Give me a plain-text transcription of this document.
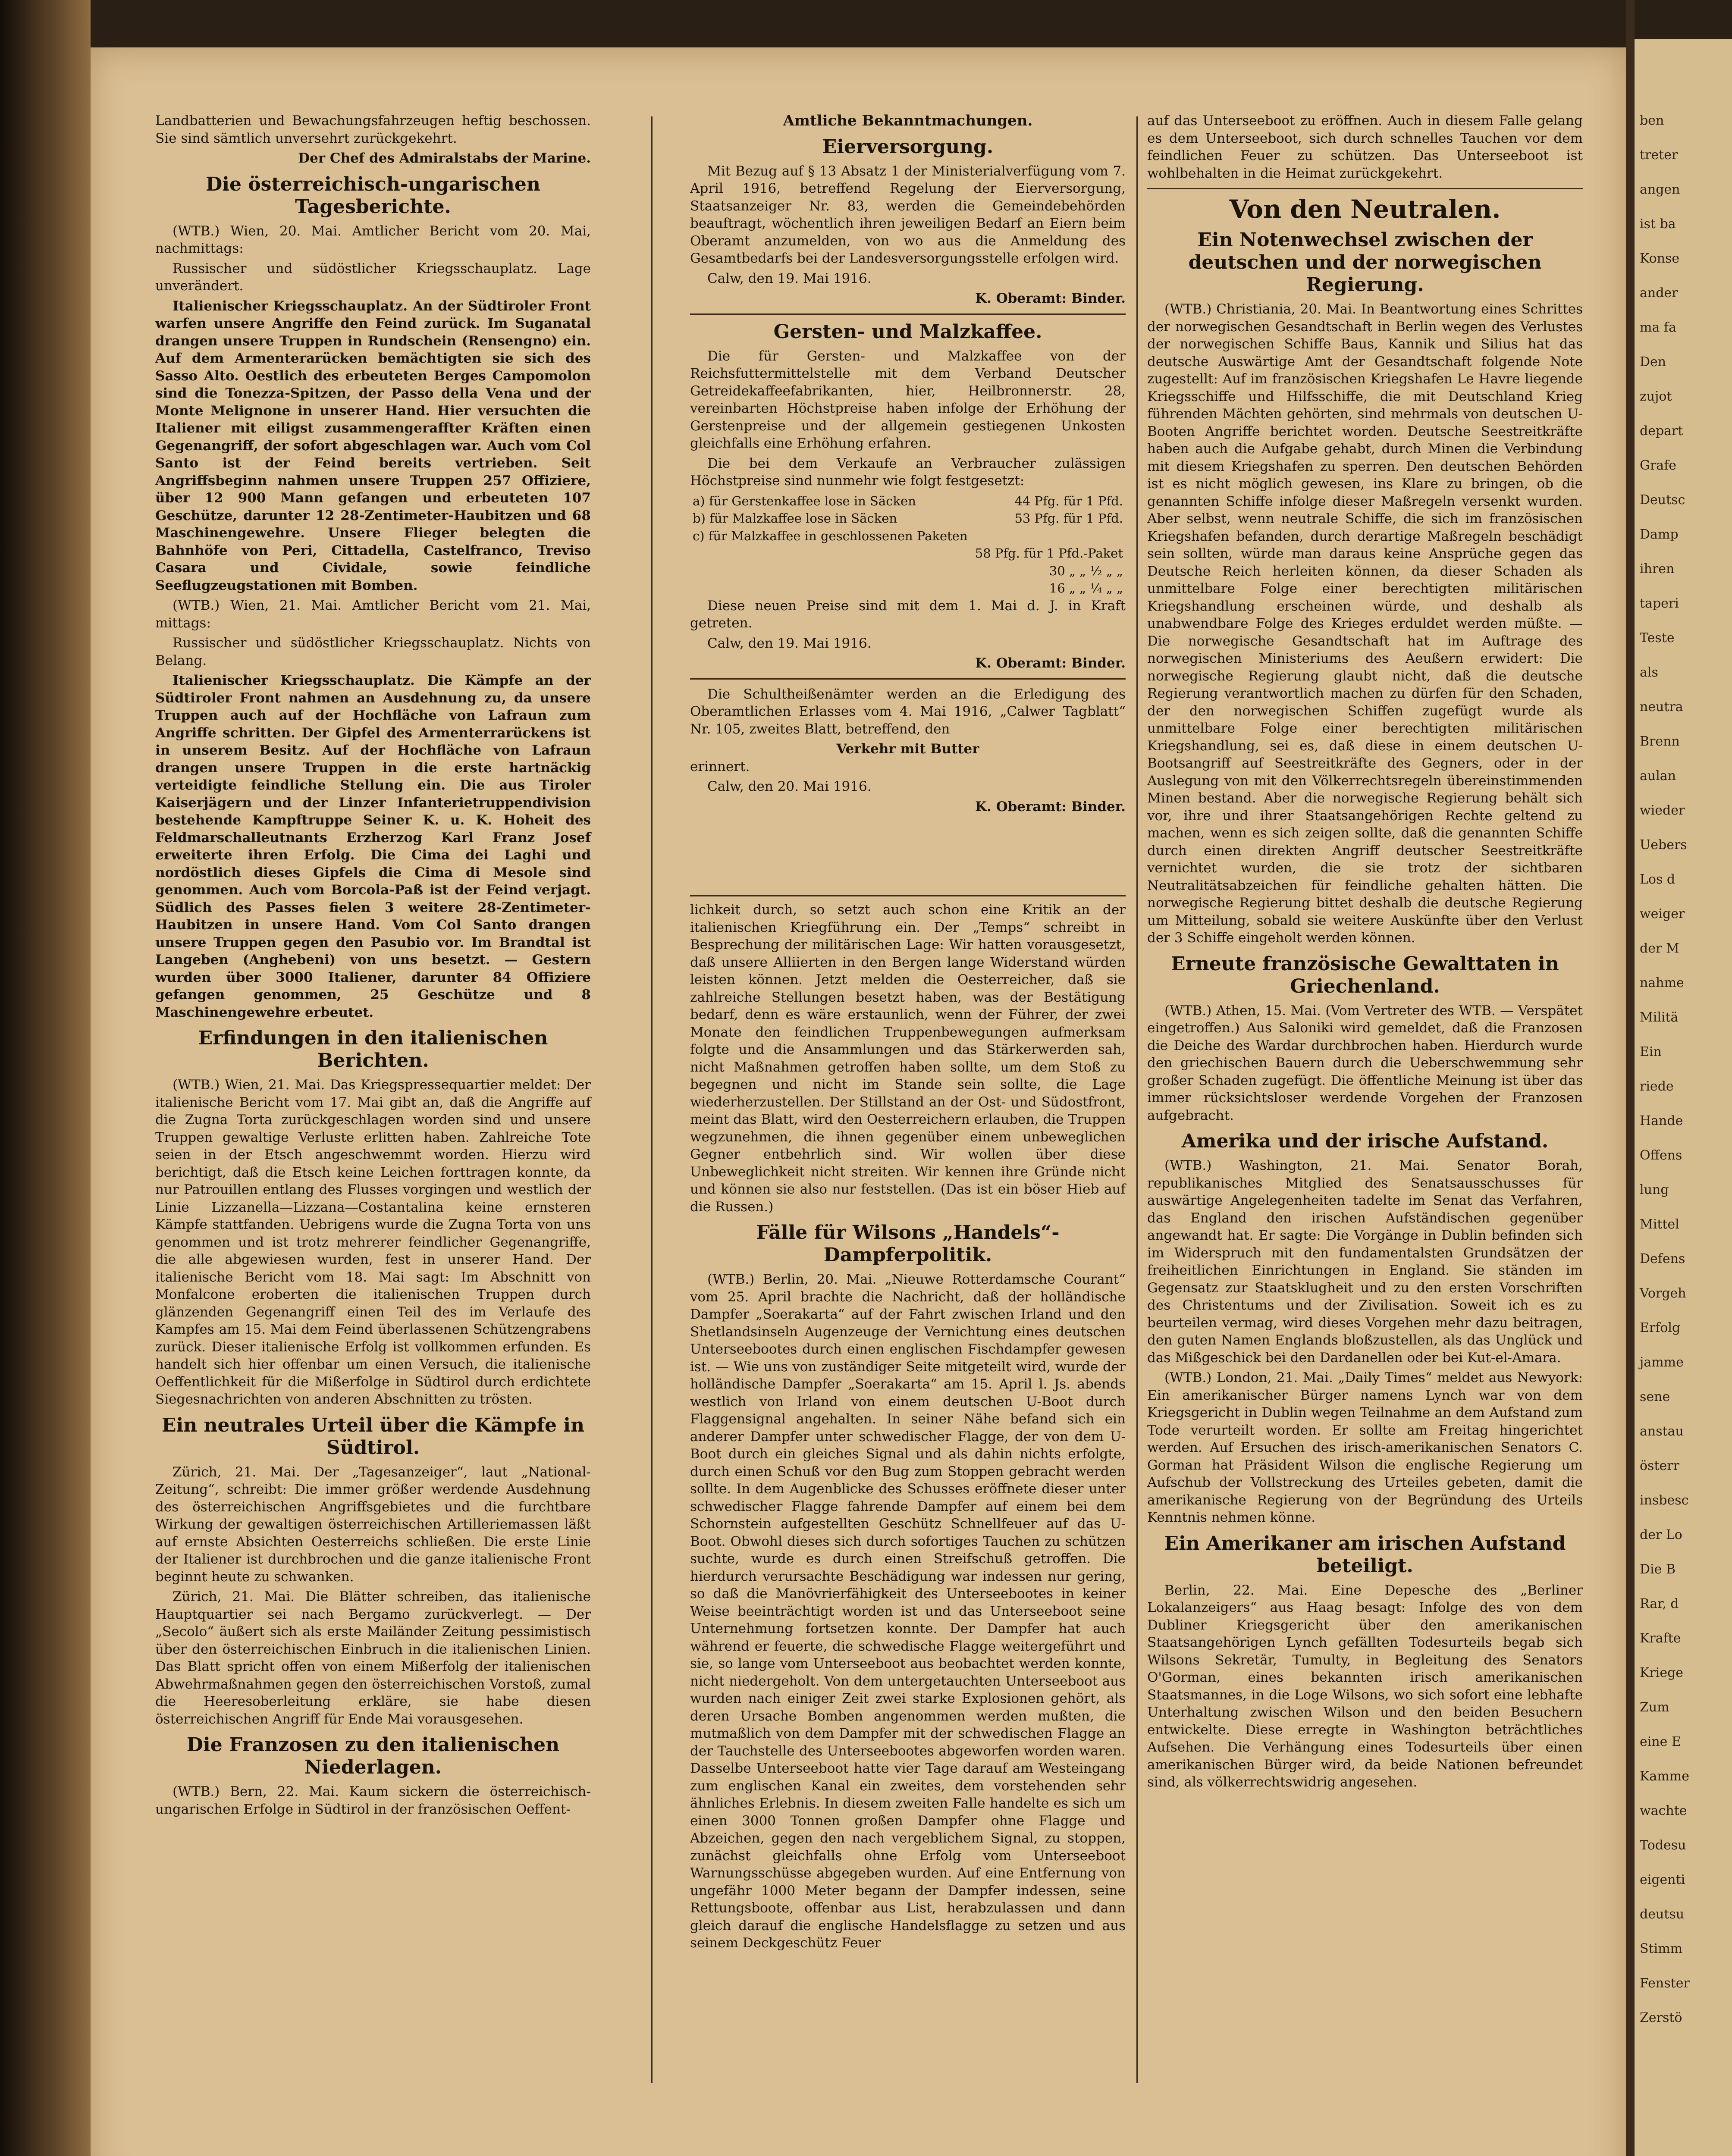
Landbatterien und Bewachungsfahrzeugen heftig beschossen. Sie sind sämtlich unversehrt zurückgekehrt.

Der Chef des Admiralstabs der Marine.
Die österreichisch-ungarischen Tagesberichte.

(WTB.) Wien, 20. Mai. Amtlicher Bericht vom 20. Mai, nachmittags:

Russischer und südöstlicher Kriegsschauplatz. Lage unverändert.

Italienischer Kriegsschauplatz. An der Südtiroler Front warfen unsere Angriffe den Feind zurück. Im Suganatal drangen unsere Truppen in Rundschein (Rensengno) ein. Auf dem Armenterarücken bemächtigten sie sich des Sasso Alto. Oestlich des erbeuteten Berges Campomolon sind die Tonezza-Spitzen, der Passo della Vena und der Monte Melignone in unserer Hand. Hier versuchten die Italiener mit eiligst zusammengeraffter Kräften einen Gegenangriff, der sofort abgeschlagen war. Auch vom Col Santo ist der Feind bereits vertrieben. Seit Angriffsbeginn nahmen unsere Truppen 257 Offiziere, über 12 900 Mann gefangen und erbeuteten 107 Geschütze, darunter 12 28-Zentimeter-Haubitzen und 68 Maschinengewehre. Unsere Flieger belegten die Bahnhöfe von Peri, Cittadella, Castelfranco, Treviso Casara und Cividale, sowie feindliche Seeflugzeugstationen mit Bomben.

(WTB.) Wien, 21. Mai. Amtlicher Bericht vom 21. Mai, mittags:

Russischer und südöstlicher Kriegsschauplatz. Nichts von Belang.

Italienischer Kriegsschauplatz. Die Kämpfe an der Südtiroler Front nahmen an Ausdehnung zu, da unsere Truppen auch auf der Hochfläche von Lafraun zum Angriffe schritten. Der Gipfel des Armenterrarückens ist in unserem Besitz. Auf der Hochfläche von Lafraun drangen unsere Truppen in die erste hartnäckig verteidigte feindliche Stellung ein. Die aus Tiroler Kaiserjägern und der Linzer Infanterietruppendivision bestehende Kampftruppe Seiner K. u. K. Hoheit des Feldmarschalleutnants Erzherzog Karl Franz Josef erweiterte ihren Erfolg. Die Cima dei Laghi und nordöstlich dieses Gipfels die Cima di Mesole sind genommen. Auch vom Borcola-Paß ist der Feind verjagt. Südlich des Passes fielen 3 weitere 28-Zentimeter-Haubitzen in unsere Hand. Vom Col Santo drangen unsere Truppen gegen den Pasubio vor. Im Brandtal ist Langeben (Anghebeni) von uns besetzt. — Gestern wurden über 3000 Italiener, darunter 84 Offiziere gefangen genommen, 25 Geschütze und 8 Maschinengewehre erbeutet.

Erfindungen in den italienischen Berichten.

(WTB.) Wien, 21. Mai. Das Kriegspressequartier meldet: Der italienische Bericht vom 17. Mai gibt an, daß die Angriffe auf die Zugna Torta zurückgeschlagen worden sind und unsere Truppen gewaltige Verluste erlitten haben. Zahlreiche Tote seien in der Etsch angeschwemmt worden. Hierzu wird berichtigt, daß die Etsch keine Leichen forttragen konnte, da nur Patrouillen entlang des Flusses vorgingen und westlich der Linie Lizzanella—Lizzana—Costantalina keine ernsteren Kämpfe stattfanden. Uebrigens wurde die Zugna Torta von uns genommen und ist trotz mehrerer feindlicher Gegenangriffe, die alle abgewiesen wurden, fest in unserer Hand. Der italienische Bericht vom 18. Mai sagt: Im Abschnitt von Monfalcone eroberten die italienischen Truppen durch glänzenden Gegenangriff einen Teil des im Verlaufe des Kampfes am 15. Mai dem Feind überlassenen Schützengrabens zurück. Dieser italienische Erfolg ist vollkommen erfunden. Es handelt sich hier offenbar um einen Versuch, die italienische Oeffentlichkeit für die Mißerfolge in Südtirol durch erdichtete Siegesnachrichten von anderen Abschnitten zu trösten.

Ein neutrales Urteil über die Kämpfe in Südtirol.

Zürich, 21. Mai. Der „Tagesanzeiger“, laut „National-Zeitung“, schreibt: Die immer größer werdende Ausdehnung des österreichischen Angriffsgebietes und die furchtbare Wirkung der gewaltigen österreichischen Artilleriemassen läßt auf ernste Absichten Oesterreichs schließen. Die erste Linie der Italiener ist durchbrochen und die ganze italienische Front beginnt heute zu schwanken.

Zürich, 21. Mai. Die Blätter schreiben, das italienische Hauptquartier sei nach Bergamo zurückverlegt. — Der „Secolo“ äußert sich als erste Mailänder Zeitung pessimistisch über den österreichischen Einbruch in die italienischen Linien. Das Blatt spricht offen von einem Mißerfolg der italienischen Abwehrmaßnahmen gegen den österreichischen Vorstoß, zumal die Heeresoberleitung erkläre, sie habe diesen österreichischen Angriff für Ende Mai vorausgesehen.

Die Franzosen zu den italienischen Niederlagen.

(WTB.) Bern, 22. Mai. Kaum sickern die österreichisch-ungarischen Erfolge in Südtirol in der französischen Oeffent-

Amtliche Bekanntmachungen.
Eierversorgung.

Mit Bezug auf § 13 Absatz 1 der Ministerialverfügung vom 7. April 1916, betreffend Regelung der Eierversorgung, Staatsanzeiger Nr. 83, werden die Gemeindebehörden beauftragt, wöchentlich ihren jeweiligen Bedarf an Eiern beim Oberamt anzumelden, von wo aus die Anmeldung des Gesamtbedarfs bei der Landesversorgungsstelle erfolgen wird.

Calw, den 19. Mai 1916.

K. Oberamt: Binder.
Gersten- und Malzkaffee.

Die für Gersten- und Malzkaffee von der Reichsfuttermittelstelle mit dem Verband Deutscher Getreidekaffeefabrikanten, hier, Heilbronnerstr. 28, vereinbarten Höchstpreise haben infolge der Erhöhung der Gerstenpreise und der allgemein gestiegenen Unkosten gleichfalls eine Erhöhung erfahren.

Die bei dem Verkaufe an Verbraucher zulässigen Höchstpreise sind nunmehr wie folgt festgesetzt:

a) für Gerstenkaffee lose in Säcken	44 Pfg. für 1 Pfd.
b) für Malzkaffee lose in Säcken	53 Pfg. für 1 Pfd.
c) für Malzkaffee in geschlossenen Paketen	
	58 Pfg. für 1 Pfd.-Paket
	30 „ „ ½ „ „
	16 „ „ ¼ „ „

Diese neuen Preise sind mit dem 1. Mai d. J. in Kraft getreten.

Calw, den 19. Mai 1916.

K. Oberamt: Binder.

Die Schultheißenämter werden an die Erledigung des Oberamtlichen Erlasses vom 4. Mai 1916, „Calwer Tagblatt“ Nr. 105, zweites Blatt, betreffend, den

Verkehr mit Butter

erinnert.

Calw, den 20. Mai 1916.

K. Oberamt: Binder.

lichkeit durch, so setzt auch schon eine Kritik an der italienischen Kriegführung ein. Der „Temps“ schreibt in Besprechung der militärischen Lage: Wir hatten vorausgesetzt, daß unsere Alliierten in den Bergen lange Widerstand würden leisten können. Jetzt melden die Oesterreicher, daß sie zahlreiche Stellungen besetzt haben, was der Bestätigung bedarf, denn es wäre erstaunlich, wenn der Führer, der zwei Monate den feindlichen Truppenbewegungen aufmerksam folgte und die Ansammlungen und das Stärkerwerden sah, nicht Maßnahmen getroffen haben sollte, um dem Stoß zu begegnen und nicht im Stande sein sollte, die Lage wiederherzustellen. Der Stillstand an der Ost- und Südostfront, meint das Blatt, wird den Oesterreichern erlauben, die Truppen wegzunehmen, die ihnen gegenüber einem unbeweglichen Gegner entbehrlich sind. Wir wollen über diese Unbeweglichkeit nicht streiten. Wir kennen ihre Gründe nicht und können sie also nur feststellen. (Das ist ein böser Hieb auf die Russen.)

Fälle für Wilsons „Handels“-Dampferpolitik.

(WTB.) Berlin, 20. Mai. „Nieuwe Rotterdamsche Courant“ vom 25. April brachte die Nachricht, daß der holländische Dampfer „Soerakarta“ auf der Fahrt zwischen Irland und den Shetlandsinseln Augenzeuge der Vernichtung eines deutschen Unterseebootes durch einen englischen Fischdampfer gewesen ist. — Wie uns von zuständiger Seite mitgeteilt wird, wurde der holländische Dampfer „Soerakarta“ am 15. April l. Js. abends westlich von Irland von einem deutschen U-Boot durch Flaggensignal angehalten. In seiner Nähe befand sich ein anderer Dampfer unter schwedischer Flagge, der von dem U-Boot durch ein gleiches Signal und als dahin nichts erfolgte, durch einen Schuß vor den Bug zum Stoppen gebracht werden sollte. In dem Augenblicke des Schusses eröffnete dieser unter schwedischer Flagge fahrende Dampfer auf einem bei dem Schornstein aufgestellten Geschütz Schnellfeuer auf das U-Boot. Obwohl dieses sich durch sofortiges Tauchen zu schützen suchte, wurde es durch einen Streifschuß getroffen. Die hierdurch verursachte Beschädigung war indessen nur gering, so daß die Manövrierfähigkeit des Unterseebootes in keiner Weise beeinträchtigt worden ist und das Unterseeboot seine Unternehmung fortsetzen konnte. Der Dampfer hat auch während er feuerte, die schwedische Flagge weitergeführt und sie, so lange vom Unterseeboot aus beobachtet werden konnte, nicht niedergeholt. Von dem untergetauchten Unterseeboot aus wurden nach einiger Zeit zwei starke Explosionen gehört, als deren Ursache Bomben angenommen werden mußten, die mutmaßlich von dem Dampfer mit der schwedischen Flagge an der Tauchstelle des Unterseebootes abgeworfen worden waren. Dasselbe Unterseeboot hatte vier Tage darauf am Westeingang zum englischen Kanal ein zweites, dem vorstehenden sehr ähnliches Erlebnis. In diesem zweiten Falle handelte es sich um einen 3000 Tonnen großen Dampfer ohne Flagge und Abzeichen, gegen den nach vergeblichem Signal, zu stoppen, zunächst gleichfalls ohne Erfolg vom Unterseeboot Warnungsschüsse abgegeben wurden. Auf eine Entfernung von ungefähr 1000 Meter begann der Dampfer indessen, seine Rettungsboote, offenbar aus List, herabzulassen und dann gleich darauf die englische Handelsflagge zu setzen und aus seinem Deckgeschütz Feuer

auf das Unterseeboot zu eröffnen. Auch in diesem Falle gelang es dem Unterseeboot, sich durch schnelles Tauchen vor dem feindlichen Feuer zu schützen. Das Unterseeboot ist wohlbehalten in die Heimat zurückgekehrt.

Von den Neutralen.
Ein Notenwechsel zwischen der deutschen und der norwegischen Regierung.

(WTB.) Christiania, 20. Mai. In Beantwortung eines Schrittes der norwegischen Gesandtschaft in Berlin wegen des Verlustes der norwegischen Schiffe Baus, Kannik und Silius hat das deutsche Auswärtige Amt der Gesandtschaft folgende Note zugestellt: Auf im französischen Kriegshafen Le Havre liegende Kriegsschiffe und Hilfsschiffe, die mit Deutschland Krieg führenden Mächten gehörten, sind mehrmals von deutschen U-Booten Angriffe berichtet worden. Deutsche Seestreitkräfte haben auch die Aufgabe gehabt, durch Minen die Verbindung mit diesem Kriegshafen zu sperren. Den deutschen Behörden ist es nicht möglich gewesen, ins Klare zu bringen, ob die genannten Schiffe infolge dieser Maßregeln versenkt wurden. Aber selbst, wenn neutrale Schiffe, die sich im französischen Kriegshafen befanden, durch derartige Maßregeln beschädigt sein sollten, würde man daraus keine Ansprüche gegen das Deutsche Reich herleiten können, da dieser Schaden als unmittelbare Folge einer berechtigten militärischen Kriegshandlung erscheinen würde, und deshalb als unabwendbare Folge des Krieges erduldet werden müßte. — Die norwegische Gesandtschaft hat im Auftrage des norwegischen Ministeriums des Aeußern erwidert: Die norwegische Regierung glaubt nicht, daß die deutsche Regierung verantwortlich machen zu dürfen für den Schaden, der den norwegischen Schiffen zugefügt wurde als unmittelbare Folge einer berechtigten militärischen Kriegshandlung, sei es, daß diese in einem deutschen U-Bootsangriff auf Seestreitkräfte des Gegners, oder in der Auslegung von mit den Völkerrechtsregeln übereinstimmenden Minen bestand. Aber die norwegische Regierung behält sich vor, ihre und ihrer Staatsangehörigen Rechte geltend zu machen, wenn es sich zeigen sollte, daß die genannten Schiffe durch einen direkten Angriff deutscher Seestreitkräfte vernichtet wurden, die sie trotz der sichtbaren Neutralitätsabzeichen für feindliche gehalten hätten. Die norwegische Regierung bittet deshalb die deutsche Regierung um Mitteilung, sobald sie weitere Auskünfte über den Verlust der 3 Schiffe eingeholt werden können.

Erneute französische Gewalttaten in Griechenland.

(WTB.) Athen, 15. Mai. (Vom Vertreter des WTB. — Verspätet eingetroffen.) Aus Saloniki wird gemeldet, daß die Franzosen die Deiche des Wardar durchbrochen haben. Hierdurch wurde den griechischen Bauern durch die Ueberschwemmung sehr großer Schaden zugefügt. Die öffentliche Meinung ist über das immer rücksichtsloser werdende Vorgehen der Franzosen aufgebracht.

Amerika und der irische Aufstand.

(WTB.) Washington, 21. Mai. Senator Borah, republikanisches Mitglied des Senatsausschusses für auswärtige Angelegenheiten tadelte im Senat das Verfahren, das England den irischen Aufständischen gegenüber angewandt hat. Er sagte: Die Vorgänge in Dublin befinden sich im Widerspruch mit den fundamentalsten Grundsätzen der freiheitlichen Einrichtungen in England. Sie ständen im Gegensatz zur Staatsklugheit und zu den ersten Vorschriften des Christentums und der Zivilisation. Soweit ich es zu beurteilen vermag, wird dieses Vorgehen mehr dazu beitragen, den guten Namen Englands bloßzustellen, als das Unglück und das Mißgeschick bei den Dardanellen oder bei Kut-el-Amara.

(WTB.) London, 21. Mai. „Daily Times“ meldet aus Newyork: Ein amerikanischer Bürger namens Lynch war von dem Kriegsgericht in Dublin wegen Teilnahme an dem Aufstand zum Tode verurteilt worden. Er sollte am Freitag hingerichtet werden. Auf Ersuchen des irisch-amerikanischen Senators C. Gorman hat Präsident Wilson die englische Regierung um Aufschub der Vollstreckung des Urteiles gebeten, damit die amerikanische Regierung von der Begründung des Urteils Kenntnis nehmen könne.

Ein Amerikaner am irischen Aufstand beteiligt.

Berlin, 22. Mai. Eine Depesche des „Berliner Lokalanzeigers“ aus Haag besagt: Infolge des von dem Dubliner Kriegsgericht über den amerikanischen Staatsangehörigen Lynch gefällten Todesurteils begab sich Wilsons Sekretär, Tumulty, in Begleitung des Senators O'Gorman, eines bekannten irisch amerikanischen Staatsmannes, in die Loge Wilsons, wo sich sofort eine lebhafte Unterhaltung zwischen Wilson und den beiden Besuchern entwickelte. Diese erregte in Washington beträchtliches Aufsehen. Die Verhängung eines Todesurteils über einen amerikanischen Bürger wird, da beide Nationen befreundet sind, als völkerrechtswidrig angesehen.

ben
treter
angen
ist ba
Konse
ander
ma fa
Den
zujot
depart
Grafe
Deutsc
Damp
ihren
taperi
Teste
als
neutra
Brenn
aulan
wieder
Uebers
Los d
weiger
der M
nahme
Militä
Ein
riede
Hande
Offens
lung
Mittel
Defens
Vorgeh
Erfolg
jamme
sene
anstau
österr
insbesc
der Lo
Die B
Rar, d
Krafte
Kriege
Zum
eine E
Kamme
wachte
Todesu
eigenti
deutsu
Stimm
Fenster
Zerstö
